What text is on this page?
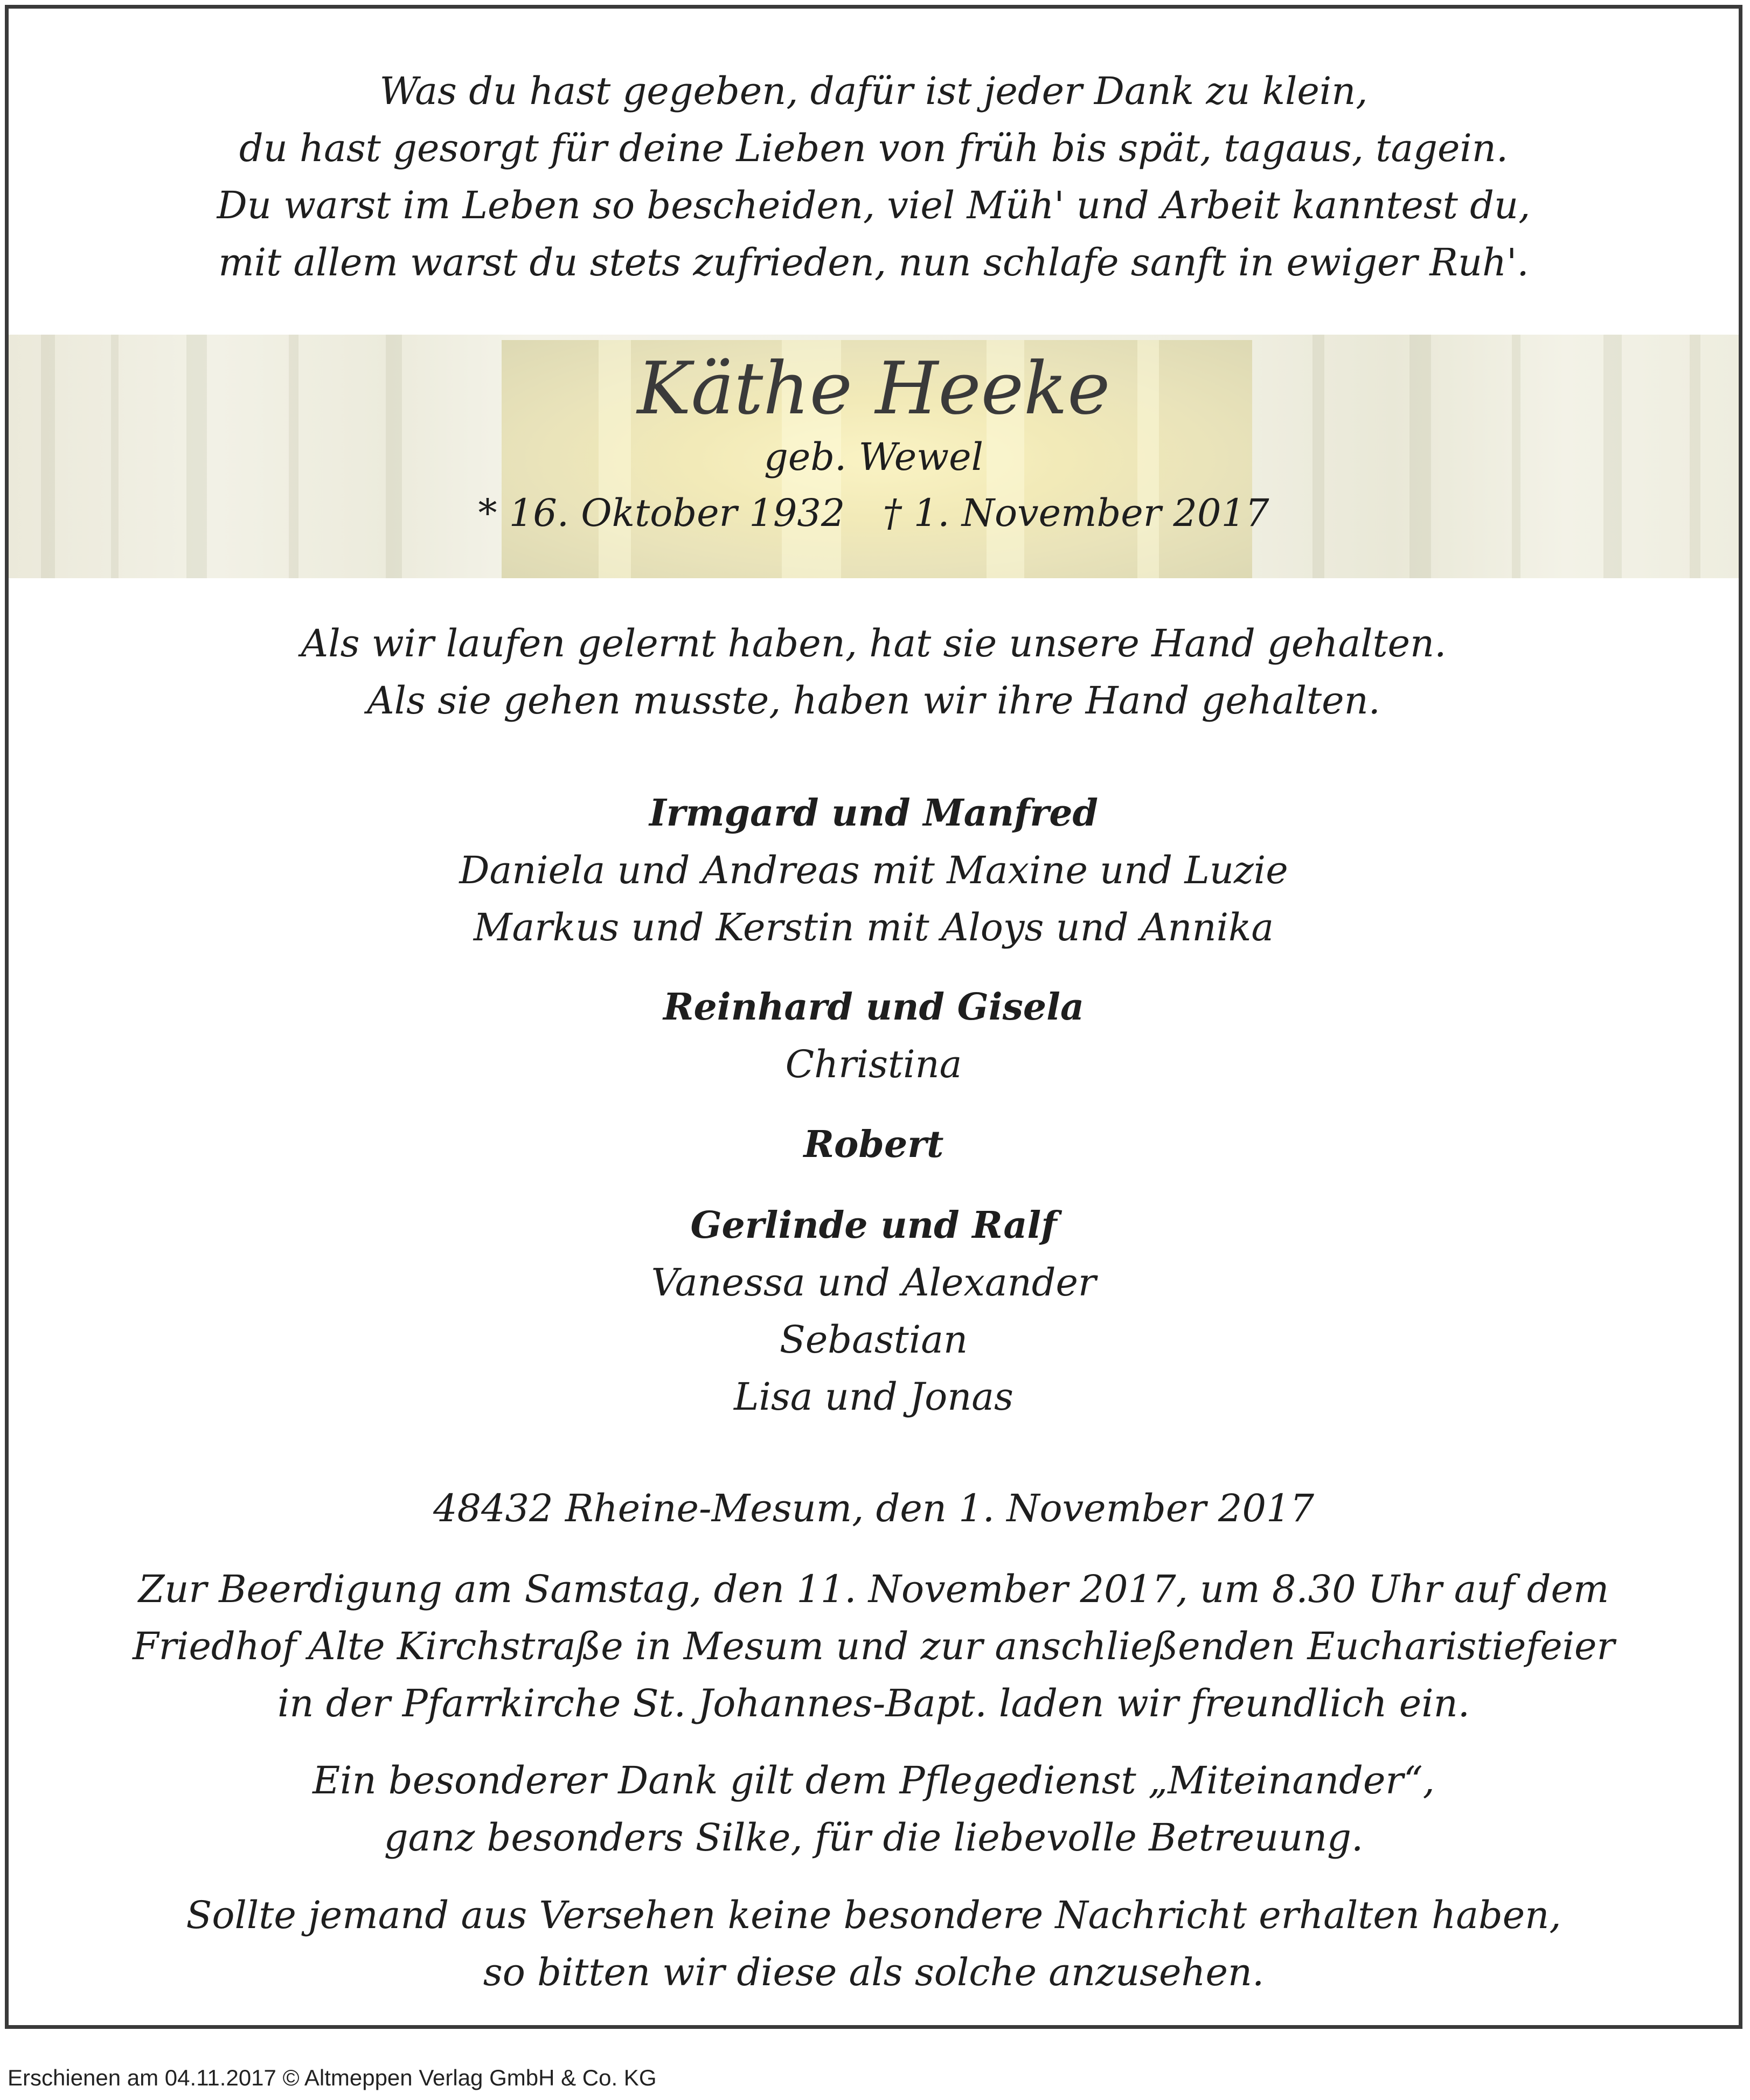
Was du hast gegeben, dafür ist jeder Dank zu klein,
du hast gesorgt für deine Lieben von früh bis spät, tagaus, tagein.
Du warst im Leben so bescheiden, viel Müh' und Arbeit kanntest du,
mit allem warst du stets zufrieden, nun schlafe sanft in ewiger Ruh'.
Käthe Heeke
geb. Wewel
* 16. Oktober 1932 † 1. November 2017
Als wir laufen gelernt haben, hat sie unsere Hand gehalten.
Als sie gehen musste, haben wir ihre Hand gehalten.
Irmgard und Manfred
Daniela und Andreas mit Maxine und Luzie
Markus und Kerstin mit Aloys und Annika
Reinhard und Gisela
Christina
Robert
Gerlinde und Ralf
Vanessa und Alexander
Sebastian
Lisa und Jonas
48432 Rheine-Mesum, den 1. November 2017
Zur Beerdigung am Samstag, den 11. November 2017, um 8.30 Uhr auf dem
Friedhof Alte Kirchstraße in Mesum und zur anschließenden Eucharistiefeier
in der Pfarrkirche St. Johannes-Bapt. laden wir freundlich ein.
Ein besonderer Dank gilt dem Pflegedienst „Miteinander“,
ganz besonders Silke, für die liebevolle Betreuung.
Sollte jemand aus Versehen keine besondere Nachricht erhalten haben,
so bitten wir diese als solche anzusehen.
Erschienen am 04.11.2017 © Altmeppen Verlag GmbH & Co. KG
